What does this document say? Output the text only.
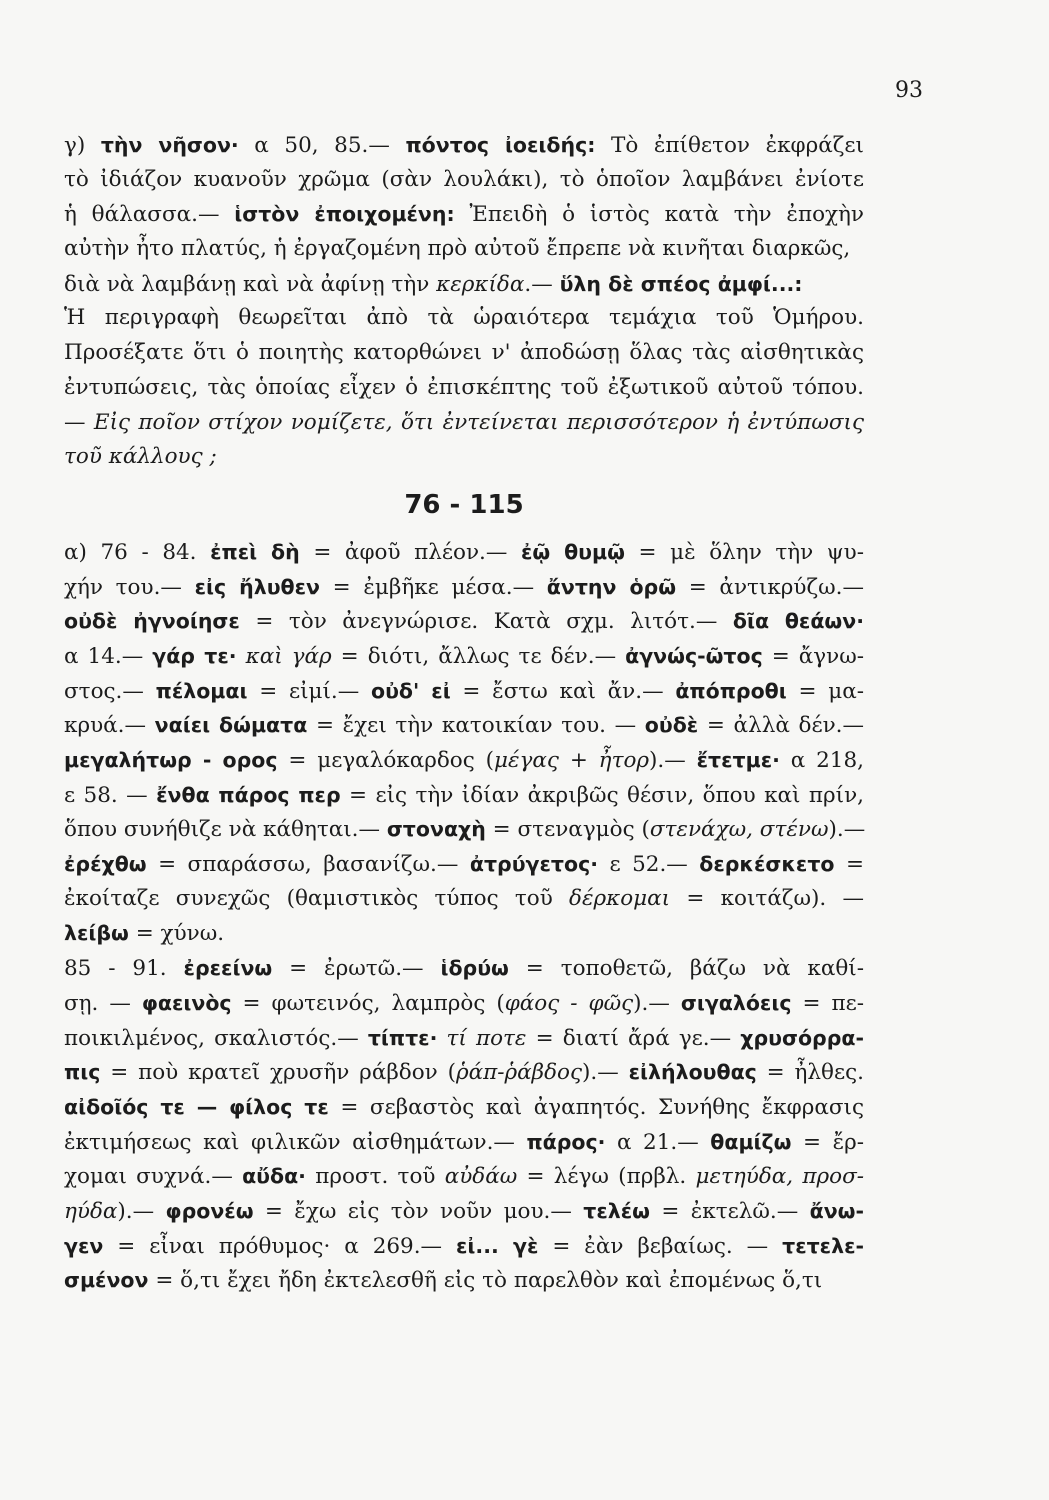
93
γ) τὴν νῆσον· α 50, 85.— πόντος ἰοειδής: Τὸ ἐπίθετον ἐκφράζει
τὸ ἰδιάζον κυανοῦν χρῶμα (σὰν λουλάκι), τὸ ὁποῖον λαμβάνει ἐνίοτε
ἡ θάλασσα.— ἱστὸν ἐποιχομένη: Ἐπειδὴ ὁ ἱστὸς κατὰ τὴν ἐποχὴν
αὐτὴν ἦτο πλατύς, ἡ ἐργαζομένη πρὸ αὐτοῦ ἔπρεπε νὰ κινῆται διαρκῶς,
διὰ νὰ λαμβάνῃ καὶ νὰ ἀφίνῃ τὴν κερκίδα.— ὕλη δὲ σπέος ἀμφί...:
Ἡ περιγραφὴ θεωρεῖται ἀπὸ τὰ ὡραιότερα τεμάχια τοῦ Ὁμήρου.
Προσέξατε ὅτι ὁ ποιητὴς κατορθώνει ν' ἀποδώσῃ ὅλας τὰς αἰσθητικὰς
ἐντυπώσεις, τὰς ὁποίας εἶχεν ὁ ἐπισκέπτης τοῦ ἐξωτικοῦ αὐτοῦ τόπου.
— Εἰς ποῖον στίχον νομίζετε, ὅτι ἐντείνεται περισσότερον ἡ ἐντύπωσις
τοῦ κάλλους ;
76 - 115
α) 76 - 84. ἐπεὶ δὴ = ἀφοῦ πλέον.— ἐῷ θυμῷ = μὲ ὅλην τὴν ψυ-
χήν του.— εἰς ἤλυθεν = ἐμβῆκε μέσα.— ἄντην ὁρῶ = ἀντικρύζω.—
οὐδὲ ἠγνοίησε = τὸν ἀνεγνώρισε. Κατὰ σχμ. λιτότ.— δῖα θεάων·
α 14.— γάρ τε· καὶ γάρ = διότι, ἄλλως τε δέν.— ἀγνώς-ῶτος = ἄγνω-
στος.— πέλομαι = εἰμί.— οὐδ' εἰ = ἔστω καὶ ἄν.— ἀπόπροθι = μα-
κρυά.— ναίει δώματα = ἔχει τὴν κατοικίαν του. — οὐδὲ = ἀλλὰ δέν.—
μεγαλήτωρ - ορος = μεγαλόκαρδος (μέγας + ἦτορ).— ἔτετμε· α 218,
ε 58. — ἔνθα πάρος περ = εἰς τὴν ἰδίαν ἀκριβῶς θέσιν, ὅπου καὶ πρίν,
ὅπου συνήθιζε νὰ κάθηται.— στοναχὴ = στεναγμὸς (στενάχω, στένω).—
ἐρέχθω = σπαράσσω, βασανίζω.— ἀτρύγετος· ε 52.— δερκέσκετο =
ἐκοίταζε συνεχῶς (θαμιστικὸς τύπος τοῦ δέρκομαι = κοιτάζω). —
λείβω = χύνω.
85 - 91. ἐρεείνω = ἐρωτῶ.— ἱδρύω = τοποθετῶ, βάζω νὰ καθί-
σῃ. — φαεινὸς = φωτεινός, λαμπρὸς (φάος - φῶς).— σιγαλόεις = πε-
ποικιλμένος, σκαλιστός.— τίπτε· τί ποτε = διατί ἄρά γε.— χρυσόρρα-
πις = ποὺ κρατεῖ χρυσῆν ράβδον (ῥάπ-ῥάβδος).— εἰλήλουθας = ἦλθες.
αἰδοῖός τε — φίλος τε = σεβαστὸς καὶ ἀγαπητός. Συνήθης ἔκφρασις
ἐκτιμήσεως καὶ φιλικῶν αἰσθημάτων.— πάρος· α 21.— θαμίζω = ἔρ-
χομαι συχνά.— αὔδα· προστ. τοῦ αὐδάω = λέγω (πρβλ. μετηύδα, προσ-
ηύδα).— φρονέω = ἔχω εἰς τὸν νοῦν μου.— τελέω = ἐκτελῶ.— ἄνω-
γεν = εἶναι πρόθυμος· α 269.— εἰ... γὲ = ἐὰν βεβαίως. — τετελε-
σμένον = ὅ,τι ἔχει ἤδη ἐκτελεσθῆ εἰς τὸ παρελθὸν καὶ ἐπομένως ὅ,τι
